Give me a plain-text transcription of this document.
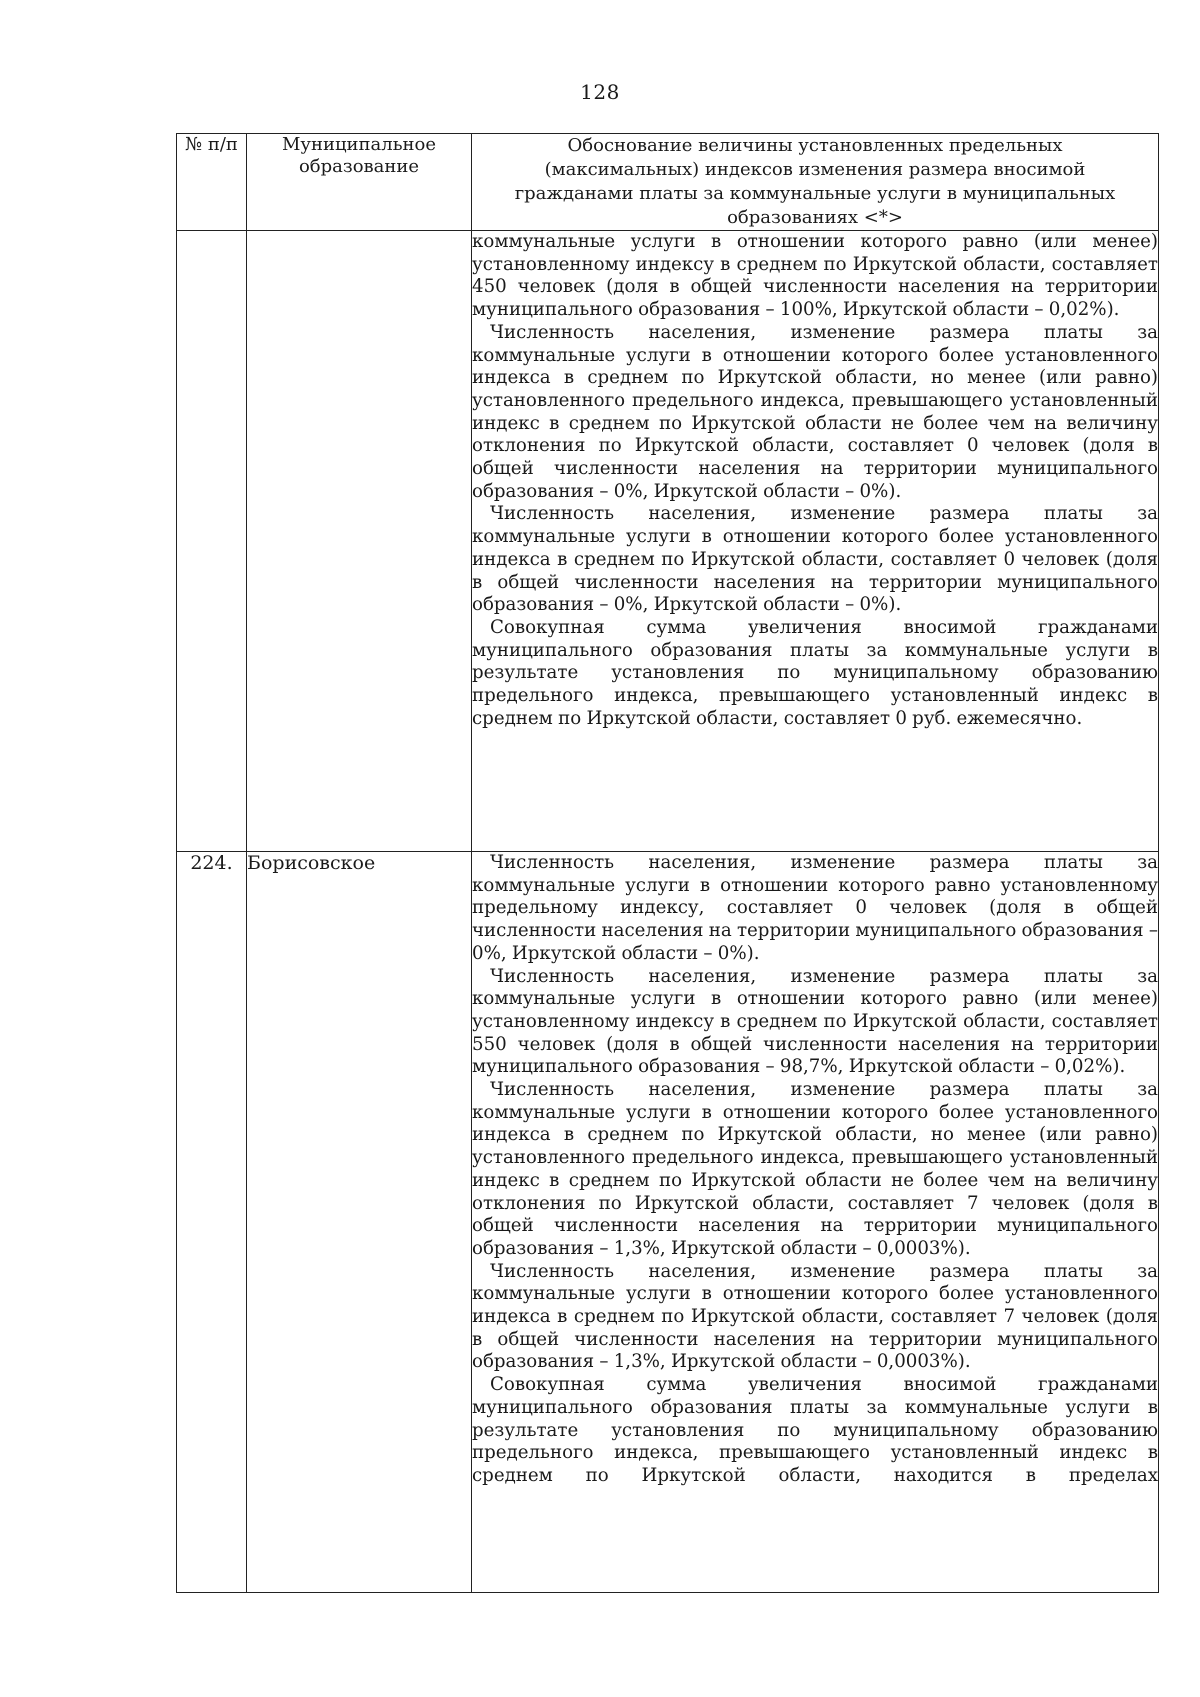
128
№ п/п	Муниципальное образование	Обоснование величины установленных предельных (максимальных) индексов изменения размера вносимой гражданами платы за коммунальные услуги в муниципальных образованиях <*>

		коммунальные услуги в отношении которого равно (или менее) установленному индексу в среднем по Иркутской области, составляет 450 человек (доля в общей численности населения на территории муниципального образования – 100%, Иркутской области – 0,02%).

Численность населения, изменение размера платы за коммунальные услуги в отношении которого более установленного индекса в среднем по Иркутской области, но менее (или равно) установленного предельного индекса, превышающего установленный индекс в среднем по Иркутской области не более чем на величину отклонения по Иркутской области, составляет 0 человек (доля в общей численности населения на территории муниципального образования – 0%, Иркутской области – 0%).

Численность населения, изменение размера платы за коммунальные услуги в отношении которого более установленного индекса в среднем по Иркутской области, составляет 0 человек (доля в общей численности населения на территории муниципального образования – 0%, Иркутской области – 0%).

Совокупная сумма увеличения вносимой гражданами муниципального образования платы за коммунальные услуги в результате установления по муниципальному образованию предельного индекса, превышающего установленный индекс в среднем по Иркутской области, составляет 0 руб. ежемесячно.

224.	Борисовское	Численность населения, изменение размера платы за коммунальные услуги в отношении которого равно установленному предельному индексу, составляет 0 человек (доля в общей численности населения на территории муниципального образования – 0%, Иркутской области – 0%).

Численность населения, изменение размера платы за коммунальные услуги в отношении которого равно (или менее) установленному индексу в среднем по Иркутской области, составляет 550 человек (доля в общей численности населения на территории муниципального образования – 98,7%, Иркутской области – 0,02%).

Численность населения, изменение размера платы за коммунальные услуги в отношении которого более установленного индекса в среднем по Иркутской области, но менее (или равно) установленного предельного индекса, превышающего установленный индекс в среднем по Иркутской области не более чем на величину отклонения по Иркутской области, составляет 7 человек (доля в общей численности населения на территории муниципального образования – 1,3%, Иркутской области – 0,0003%).

Численность населения, изменение размера платы за коммунальные услуги в отношении которого более установленного индекса в среднем по Иркутской области, составляет 7 человек (доля в общей численности населения на территории муниципального образования – 1,3%, Иркутской области – 0,0003%).

Совокупная сумма увеличения вносимой гражданами муниципального образования платы за коммунальные услуги в результате установления по муниципальному образованию предельного индекса, превышающего установленный индекс в среднем по Иркутской области, находится в пределах
